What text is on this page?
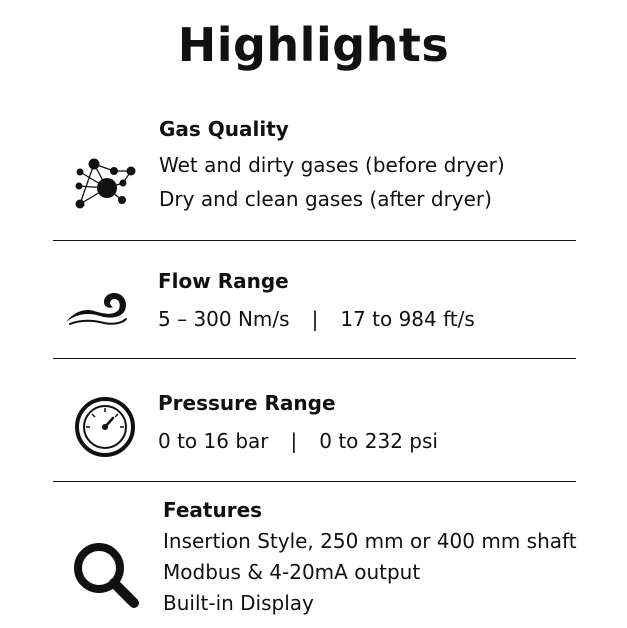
Highlights
Gas Quality
Wet and dirty gases (before dryer)
Dry and clean gases (after dryer)
Flow Range
5 – 300 Nm/s | 17 to 984 ft/s
Pressure Range
0 to 16 bar | 0 to 232 psi
Features
Insertion Style, 250 mm or 400 mm shaft
Modbus & 4-20mA output
Built-in Display
